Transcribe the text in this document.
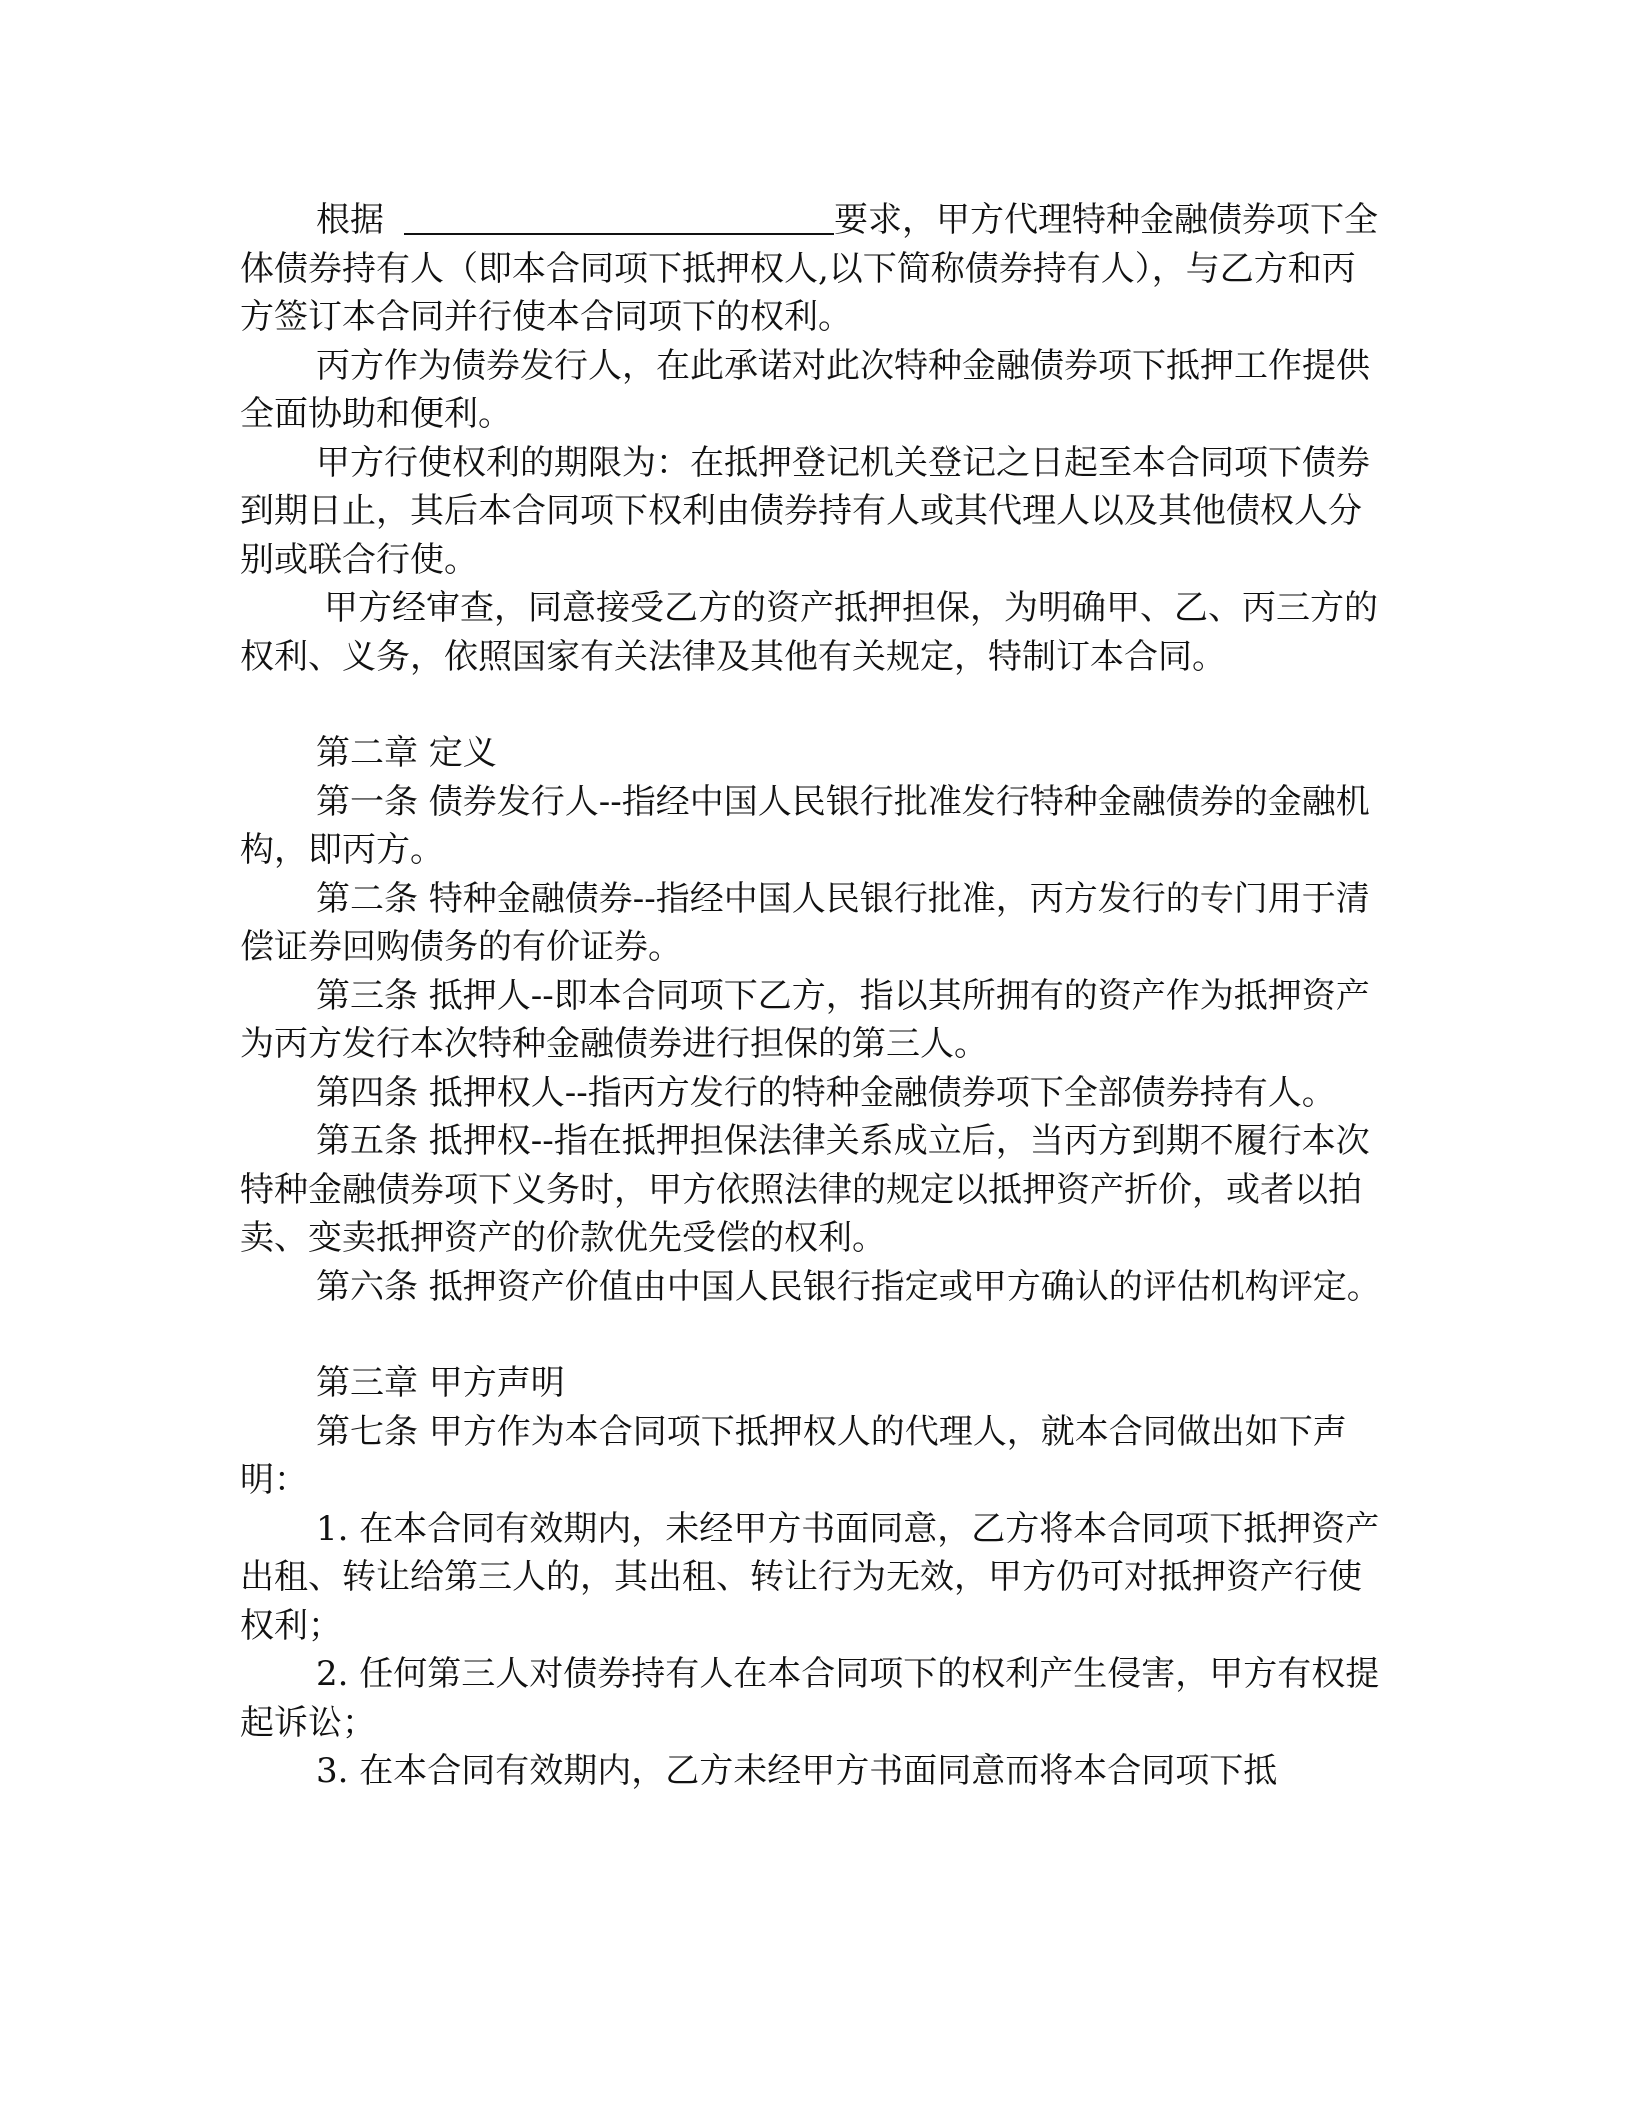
根据	要求，甲方代理特种金融债券项下全体债券持有人（即本合同项下抵押权人,以下简称债券持有人），与乙方和丙方签订本合同并行使本合同项下的权利。

丙方作为债券发行人，在此承诺对此次特种金融债券项下抵押工作提供全面协助和便利。

甲方行使权利的期限为：在抵押登记机关登记之日起至本合同项下债券到期日止，其后本合同项下权利由债券持有人或其代理人以及其他债权人分别或联合行使。

甲方经审查，同意接受乙方的资产抵押担保，为明确甲、乙、丙三方的权利、义务，依照国家有关法律及其他有关规定，特制订本合同。

第二章 定义

第一条 债券发行人--指经中国人民银行批准发行特种金融债券的金融机构，即丙方。

第二条 特种金融债券--指经中国人民银行批准，丙方发行的专门用于清偿证券回购债务的有价证券。

第三条 抵押人--即本合同项下乙方，指以其所拥有的资产作为抵押资产为丙方发行本次特种金融债券进行担保的第三人。

第四条 抵押权人--指丙方发行的特种金融债券项下全部债券持有人。

第五条 抵押权--指在抵押担保法律关系成立后，当丙方到期不履行本次特种金融债券项下义务时，甲方依照法律的规定以抵押资产折价，或者以拍卖、变卖抵押资产的价款优先受偿的权利。

第六条 抵押资产价值由中国人民银行指定或甲方确认的评估机构评定。

第三章 甲方声明

第七条 甲方作为本合同项下抵押权人的代理人，就本合同做出如下声明：

1. 在本合同有效期内，未经甲方书面同意，乙方将本合同项下抵押资产出租、转让给第三人的，其出租、转让行为无效，甲方仍可对抵押资产行使权利；

2. 任何第三人对债券持有人在本合同项下的权利产生侵害，甲方有权提起诉讼；

3. 在本合同有效期内，乙方未经甲方书面同意而将本合同项下抵
